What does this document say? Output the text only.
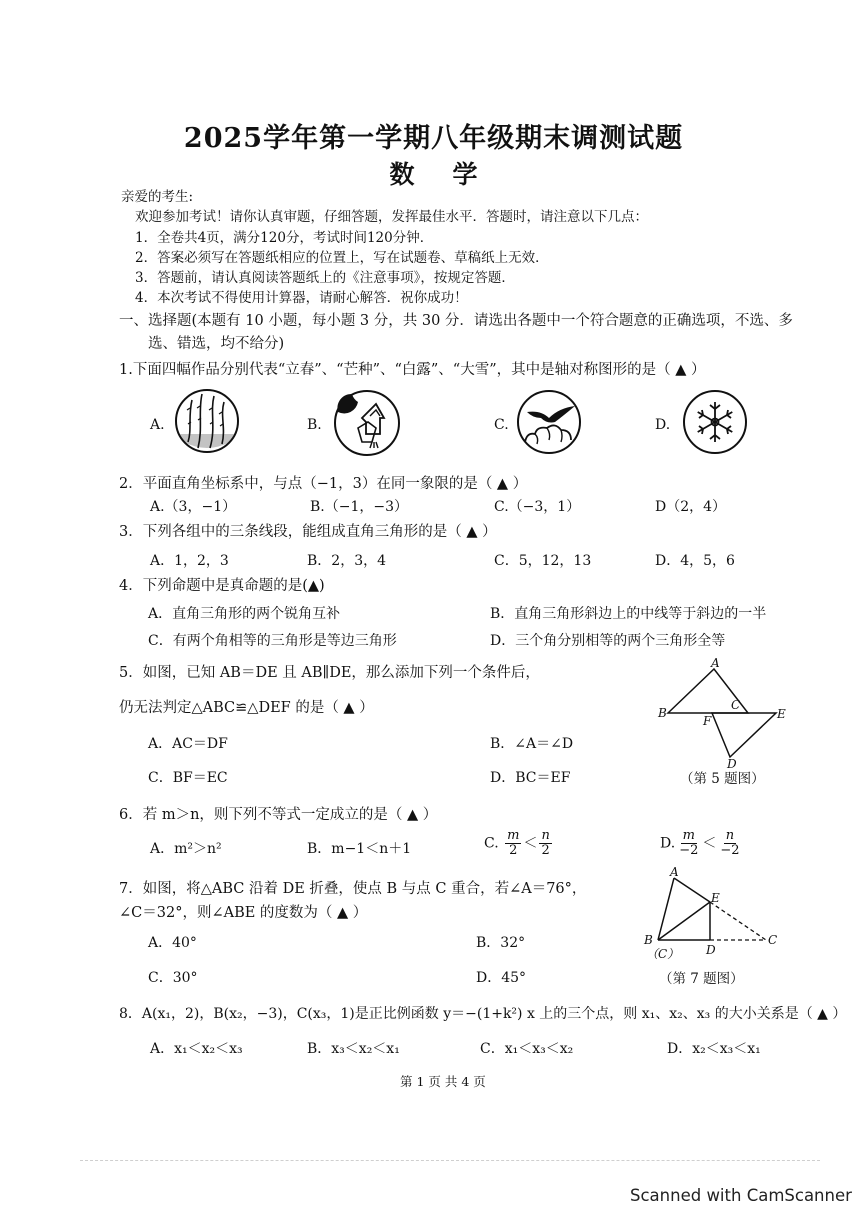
2025学年第一学期八年级期末调测试题
数学
亲爱的考生:
欢迎参加考试！请你认真审题，仔细答题，发挥最佳水平．答题时，请注意以下几点：
1．全卷共4页，满分120分，考试时间120分钟．
2．答案必须写在答题纸相应的位置上，写在试题卷、草稿纸上无效．
3．答题前，请认真阅读答题纸上的《注意事项》，按规定答题．
4．本次考试不得使用计算器，请耐心解答．祝你成功！
一、选择题(本题有 10 小题，每小题 3 分，共 30 分．请选出各题中一个符合题意的正确选项，不选、多
选、错选，均不给分)
1.下面四幅作品分别代表“立春”、“芒种”、“白露”、“大雪”，其中是轴对称图形的是（ ▲ ）
A.	B.	C.	D.
2．平面直角坐标系中，与点（−1，3）在同一象限的是（ ▲ ）
A.（3，−1）	B.（−1，−3）	C.（−3，1）	D（2，4）
3．下列各组中的三条线段，能组成直角三角形的是（ ▲ ）
A．1，2，3	B．2，3，4	C．5，12，13	D．4，5，6
4．下列命题中是真命题的是(▲)
A．直角三角形的两个锐角互补	B．直角三角形斜边上的中线等于斜边的一半
C．有两个角相等的三角形是等边三角形	D．三个角分别相等的两个三角形全等
5．如图，已知 AB＝DE 且 AB∥DE，那么添加下列一个条件后，
仍无法判定△ABC≌△DEF 的是（ ▲ ）
A．AC＝DF	B．∠A＝∠D
C．BF＝EC	D．BC＝EF
A
B
C
F	E
D
（第 5 题图）
6．若 m＞n，则下列不等式一定成立的是（ ▲ ）
A．m²＞n²	B．m−1＜n＋1	C. $\frac{m}{2} < \frac{n}{2}$	D. $\frac{m}{-2} < \frac{n}{-2}$
7．如图，将△ABC 沿着 DE 折叠，使点 B 与点 C 重合，若∠A＝76°，
∠C＝32°，则∠ABE 的度数为（ ▲ ）
A．40°	B．32°
C．30°	D．45°
A
E
B
D
C
（C）
（第 7 题图）
8．A(x₁，2)，B(x₂，−3)，C(x₃，1)是正比例函数 y＝−(1+k²) x 上的三个点，则 x₁、x₂、x₃ 的大小关系是（ ▲ ）
A．x₁＜x₂＜x₃	B．x₃＜x₂＜x₁	C．x₁＜x₃＜x₂	D．x₂＜x₃＜x₁
第 1 页 共 4 页
Scanned with CamScanner
